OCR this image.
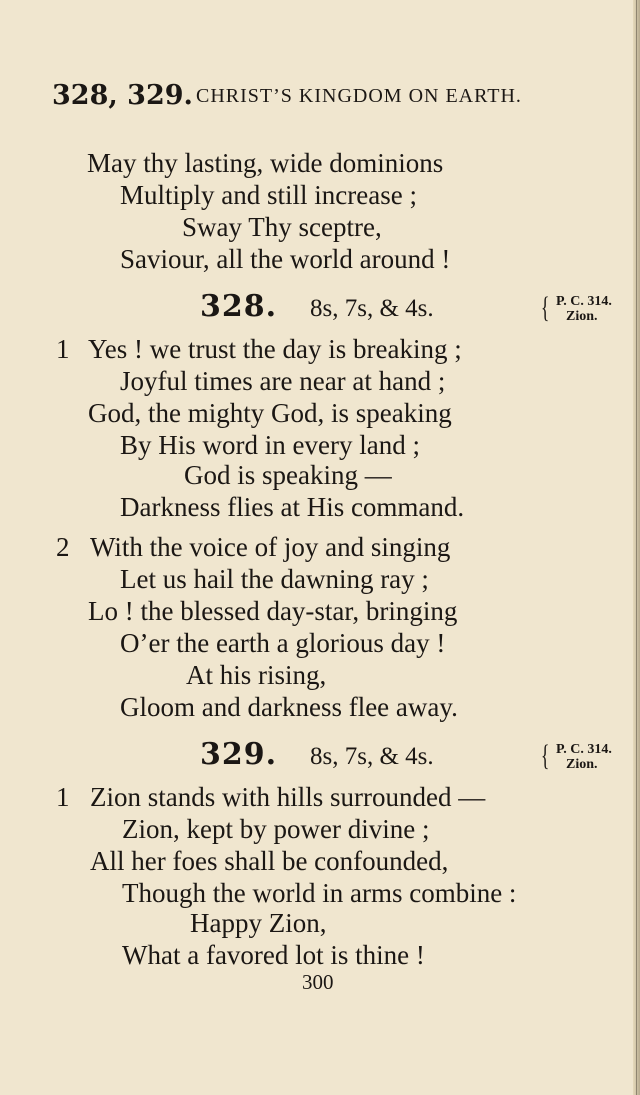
328, 329. CHRIST’S KINGDOM ON EARTH.
May thy lasting, wide dominions
Multiply and still increase ;
Sway Thy sceptre,
Saviour, all the world around !
328. 8s, 7s, & 4s.	{ P. C. 314.
Zion.
1 Yes ! we trust the day is breaking ;
Joyful times are near at hand ;
God, the mighty God, is speaking
By His word in every land ;
God is speaking —
Darkness flies at His command.
2 With the voice of joy and singing
Let us hail the dawning ray ;
Lo ! the blessed day-star, bringing
O’er the earth a glorious day !
At his rising,
Gloom and darkness flee away.
329. 8s, 7s, & 4s.	{ P. C. 314.
Zion.
1 Zion stands with hills surrounded —
Zion, kept by power divine ;
All her foes shall be confounded,
Though the world in arms combine :
Happy Zion,
What a favored lot is thine !
300
